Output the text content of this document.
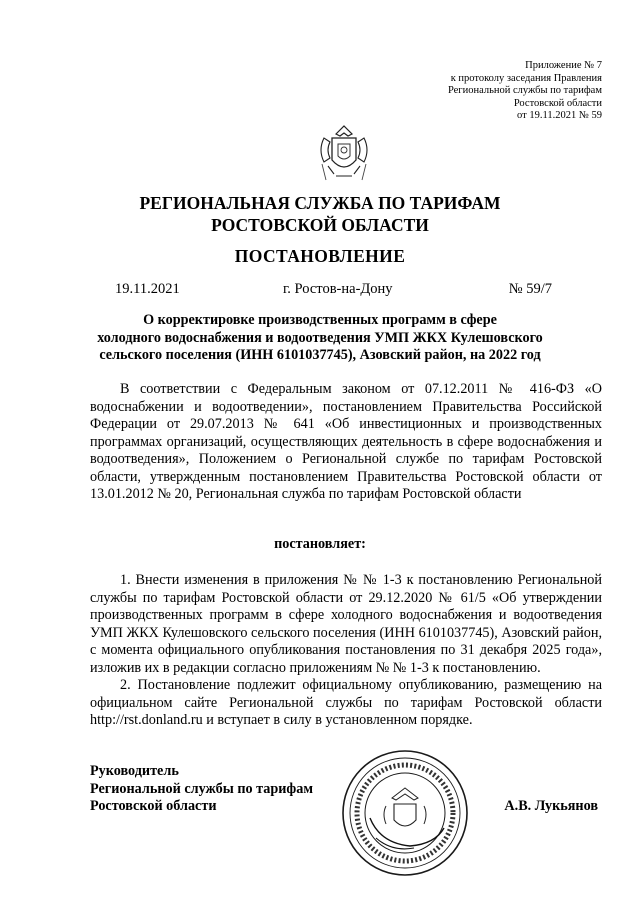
Приложение № 7
к протоколу заседания Правления
Региональной службы по тарифам
Ростовской области
от 19.11.2021 № 59
РЕГИОНАЛЬНАЯ СЛУЖБА ПО ТАРИФАМ
РОСТОВСКОЙ ОБЛАСТИ
ПОСТАНОВЛЕНИЕ
19.11.2021	г. Ростов-на-Дону	№ 59/7
О корректировке производственных программ в сфере
холодного водоснабжения и водоотведения УМП ЖКХ Кулешовского
сельского поселения (ИНН 6101037745), Азовский район, на 2022 год

В соответствии с Федеральным законом от 07.12.2011 № 416-ФЗ «О водоснабжении и водоотведении», постановлением Правительства Российской Федерации от 29.07.2013 № 641 «Об инвестиционных и производственных программах организаций, осуществляющих деятельность в сфере водоснабжения и водоотведения», Положением о Региональной службе по тарифам Ростовской области, утвержденным постановлением Правительства Ростовской области от 13.01.2012 № 20, Региональная служба по тарифам Ростовской области

постановляет:

1. Внести изменения в приложения № № 1-3 к постановлению Региональной службы по тарифам Ростовской области от 29.12.2020 № 61/5 «Об утверждении производственных программ в сфере холодного водоснабжения и водоотведения УМП ЖКХ Кулешовского сельского поселения (ИНН 6101037745), Азовский район, с момента официального опубликования постановления по 31 декабря 2025 года», изложив их в редакции согласно приложениям № № 1-3 к постановлению.

2. Постановление подлежит официальному опубликованию, размещению на официальном сайте Региональной службы по тарифам Ростовской области http://rst.donland.ru и вступает в силу в установленном порядке.

Руководитель
Региональной службы по тарифам
Ростовской области	А.В. Лукьянов
